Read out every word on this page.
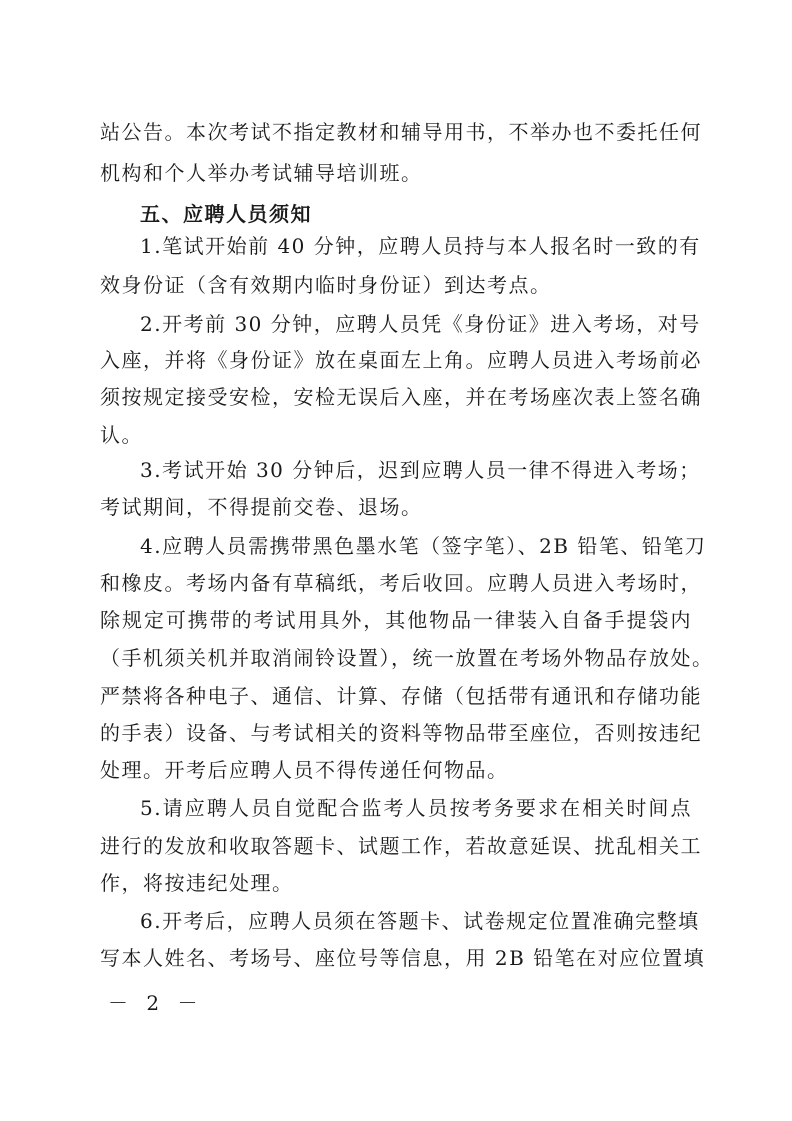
站公告。本次考试不指定教材和辅导用书，不举办也不委托任何
机构和个人举办考试辅导培训班。
五、应聘人员须知
1.笔试开始前 40 分钟，应聘人员持与本人报名时一致的有
效身份证（含有效期内临时身份证）到达考点。
2.开考前 30 分钟，应聘人员凭《身份证》进入考场，对号
入座，并将《身份证》放在桌面左上角。应聘人员进入考场前必
须按规定接受安检，安检无误后入座，并在考场座次表上签名确
认。
3.考试开始 30 分钟后，迟到应聘人员一律不得进入考场；
考试期间，不得提前交卷、退场。
4.应聘人员需携带黑色墨水笔（签字笔）、2B 铅笔、铅笔刀
和橡皮。考场内备有草稿纸，考后收回。应聘人员进入考场时，
除规定可携带的考试用具外，其他物品一律装入自备手提袋内
（手机须关机并取消闹铃设置），统一放置在考场外物品存放处。
严禁将各种电子、通信、计算、存储（包括带有通讯和存储功能
的手表）设备、与考试相关的资料等物品带至座位，否则按违纪
处理。开考后应聘人员不得传递任何物品。
5.请应聘人员自觉配合监考人员按考务要求在相关时间点
进行的发放和收取答题卡、试题工作，若故意延误、扰乱相关工
作，将按违纪处理。
6.开考后，应聘人员须在答题卡、试卷规定位置准确完整填
写本人姓名、考场号、座位号等信息，用 2B 铅笔在对应位置填
－ 2 －
